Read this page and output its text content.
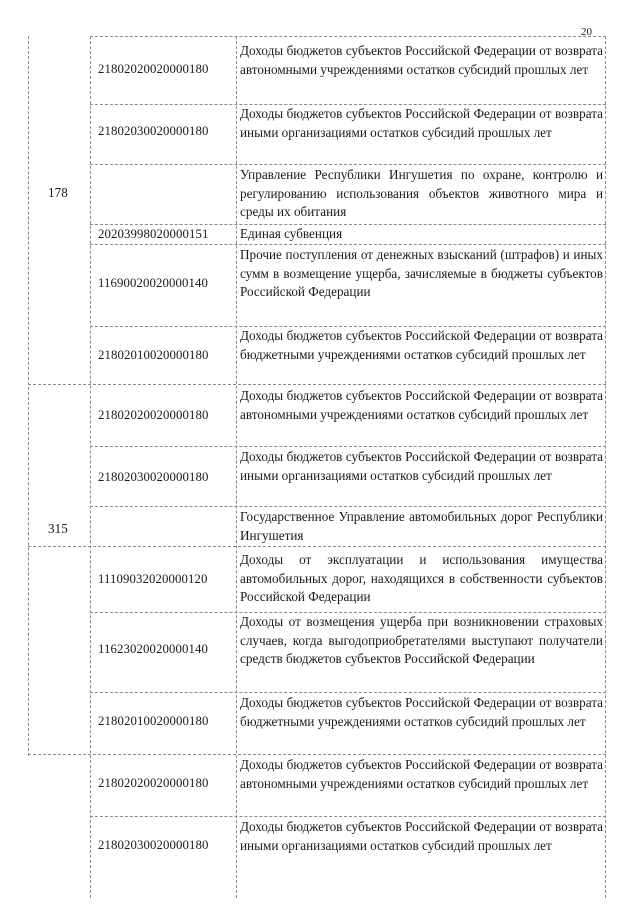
20
21802020020000180
Доходы бюджетов субъектов Российской Федерации от возврата автономными учреждениями остатков субсидий прошлых лет
21802030020000180
Доходы бюджетов субъектов Российской Федерации от возврата иными организациями остатков субсидий прошлых лет
178
Управление Республики Ингушетия по охране, контролю и регулированию использования объектов животного мира и среды их обитания
20203998020000151 Единая субвенция
11690020020000140
Прочие поступления от денежных взысканий (штрафов) и иных сумм в возмещение ущерба, зачисляемые в бюджеты субъектов Российской Федерации
21802010020000180
Доходы бюджетов субъектов Российской Федерации от возврата бюджетными учреждениями остатков субсидий прошлых лет
21802020020000180
Доходы бюджетов субъектов Российской Федерации от возврата автономными учреждениями остатков субсидий прошлых лет
21802030020000180
Доходы бюджетов субъектов Российской Федерации от возврата иными организациями остатков субсидий прошлых лет
315
Государственное Управление автомобильных дорог Республики Ингушетия
11109032020000120
Доходы от эксплуатации и использования имущества автомобильных дорог, находящихся в собственности субъектов Российской Федерации
11623020020000140
Доходы от возмещения ущерба при возникновении страховых случаев, когда выгодоприобретателями выступают получатели средств бюджетов субъектов Российской Федерации
21802010020000180
Доходы бюджетов субъектов Российской Федерации от возврата бюджетными учреждениями остатков субсидий прошлых лет
21802020020000180
Доходы бюджетов субъектов Российской Федерации от возврата автономными учреждениями остатков субсидий прошлых лет
21802030020000180
Доходы бюджетов субъектов Российской Федерации от возврата иными организациями остатков субсидий прошлых лет
